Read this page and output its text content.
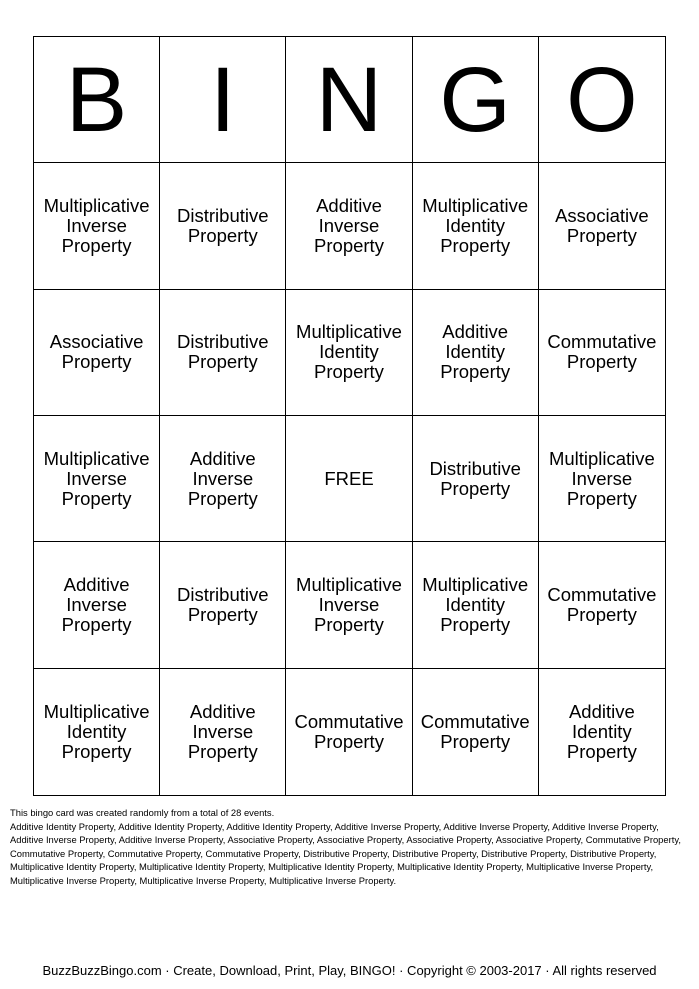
B I N G O
Multiplicative
Inverse
Property
Distributive
Property
Additive
Inverse
Property
Multiplicative
Identity
Property
Associative
Property
Associative
Property
Distributive
Property
Multiplicative
Identity
Property
Additive
Identity
Property
Commutative
Property
Multiplicative
Inverse
Property
Additive
Inverse
Property
FREE	Distributive
Property
Multiplicative
Inverse
Property
Additive
Inverse
Property
Distributive
Property
Multiplicative
Inverse
Property
Multiplicative
Identity
Property
Commutative
Property
Multiplicative
Identity
Property
Additive
Inverse
Property
Commutative
Property
Commutative
Property
Additive
Identity
Property
This bingo card was created randomly from a total of 28 events.
Additive Identity Property, Additive Identity Property, Additive Identity Property, Additive Inverse Property, Additive Inverse Property, Additive Inverse Property, Additive Inverse Property, Additive Inverse Property, Associative Property, Associative Property, Associative Property, Associative Property, Commutative Property, Commutative Property, Commutative Property, Commutative Property, Distributive Property, Distributive Property, Distributive Property, Distributive Property, Multiplicative Identity Property, Multiplicative Identity Property, Multiplicative Identity Property, Multiplicative Identity Property, Multiplicative Inverse Property, Multiplicative Inverse Property, Multiplicative Inverse Property, Multiplicative Inverse Property.
BuzzBuzzBingo.com · Create, Download, Print, Play, BINGO! · Copyright © 2003-2017 · All rights reserved
